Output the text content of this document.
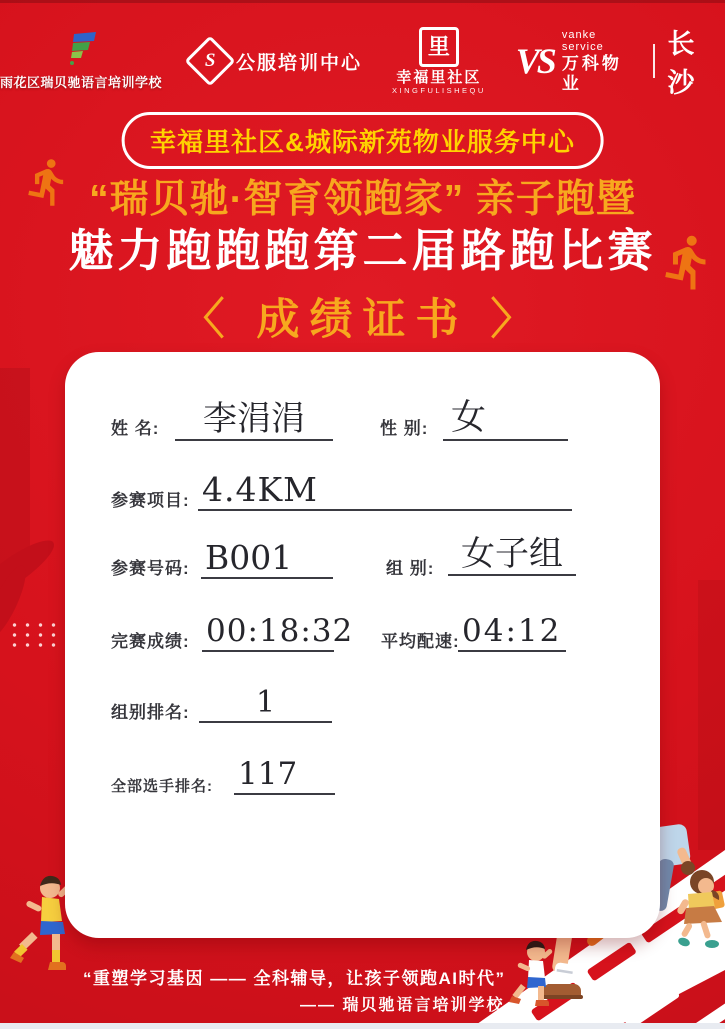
雨花区瑞贝驰语言培训学校
S 公服培训中心
里
幸福里社区
XINGFULISHEQU
VS
vanke service
万科物业
长沙
幸福里社区&城际新苑物业服务中心
“瑞贝驰·智育领跑家” 亲子跑暨
魅力跑跑跑第二届路跑比赛
〈 成绩证书 〉
姓 名:	李涓涓	性 别: 女
参赛项目: 4.4KM
参赛号码: B001	组 别: 女子组
完赛成绩: 00:18:32 平均配速: 04:12
组别排名:	1
全部选手排名: 117
“重塑学习基因 —— 全科辅导，让孩子领跑AI时代”
—— 瑞贝驰语言培训学校
